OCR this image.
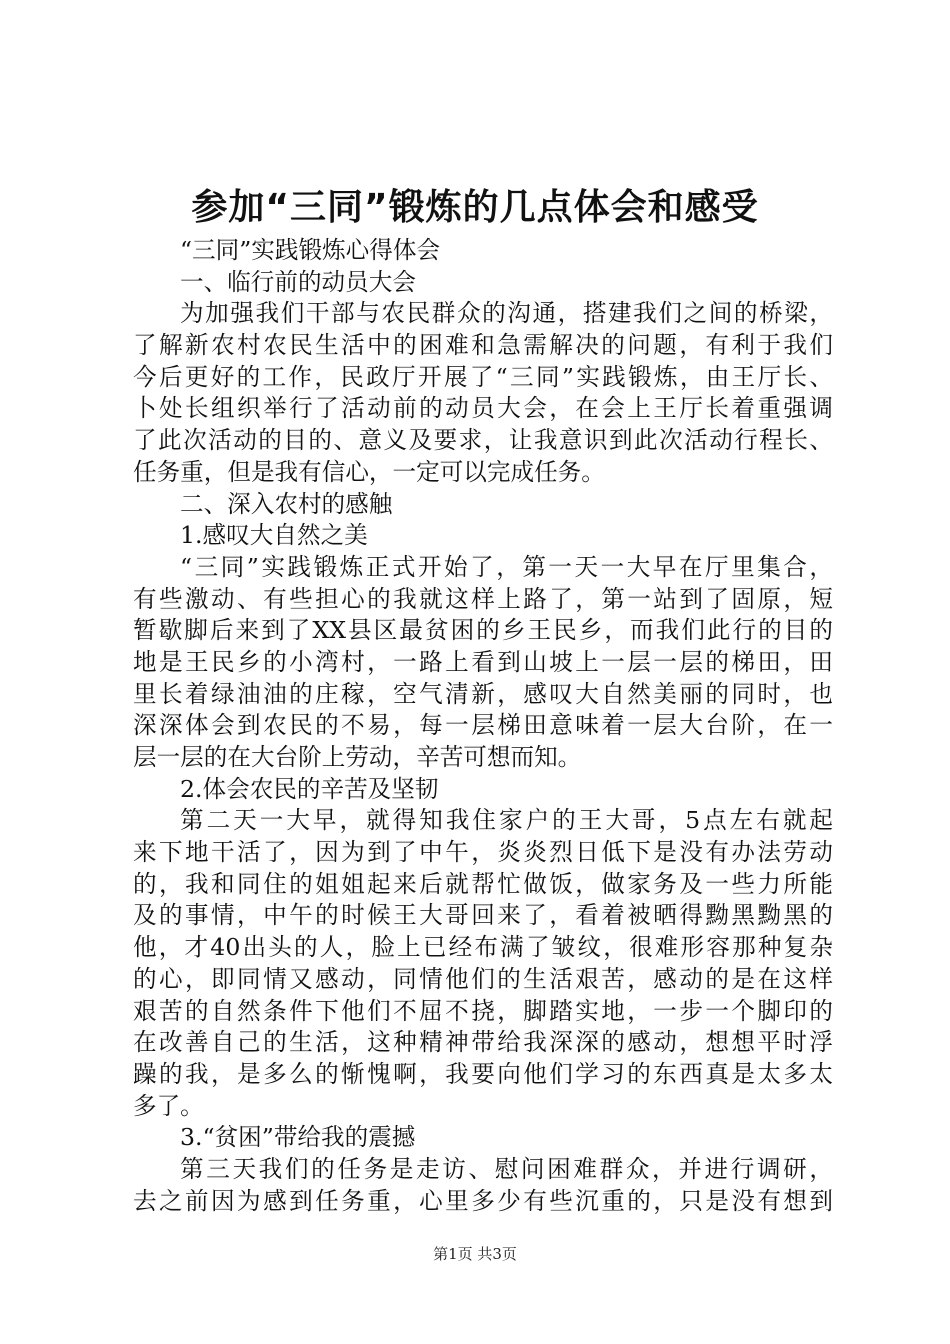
参加“三同”锻炼的几点体会和感受
“三同”实践锻炼心得体会
一、临行前的动员大会
为加强我们干部与农民群众的沟通，搭建我们之间的桥梁，
了解新农村农民生活中的困难和急需解决的问题，有利于我们
今后更好的工作，民政厅开展了“三同”实践锻炼，由王厅长、
卜处长组织举行了活动前的动员大会，在会上王厅长着重强调
了此次活动的目的、意义及要求，让我意识到此次活动行程长、
任务重，但是我有信心，一定可以完成任务。
二、深入农村的感触
1.感叹大自然之美
“三同”实践锻炼正式开始了，第一天一大早在厅里集合，
有些激动、有些担心的我就这样上路了，第一站到了固原，短
暂歇脚后来到了XX县区最贫困的乡王民乡，而我们此行的目的
地是王民乡的小湾村，一路上看到山坡上一层一层的梯田，田
里长着绿油油的庄稼，空气清新，感叹大自然美丽的同时，也
深深体会到农民的不易，每一层梯田意味着一层大台阶，在一
层一层的在大台阶上劳动，辛苦可想而知。
2.体会农民的辛苦及坚韧
第二天一大早，就得知我住家户的王大哥，5点左右就起
来下地干活了，因为到了中午，炎炎烈日低下是没有办法劳动
的，我和同住的姐姐起来后就帮忙做饭，做家务及一些力所能
及的事情，中午的时候王大哥回来了，看着被晒得黝黑黝黑的
他，才40出头的人，脸上已经布满了皱纹，很难形容那种复杂
的心，即同情又感动，同情他们的生活艰苦，感动的是在这样
艰苦的自然条件下他们不屈不挠，脚踏实地，一步一个脚印的
在改善自己的生活，这种精神带给我深深的感动，想想平时浮
躁的我，是多么的惭愧啊，我要向他们学习的东西真是太多太
多了。
3.“贫困”带给我的震撼
第三天我们的任务是走访、慰问困难群众，并进行调研，
去之前因为感到任务重，心里多少有些沉重的，只是没有想到
第1页 共3页
